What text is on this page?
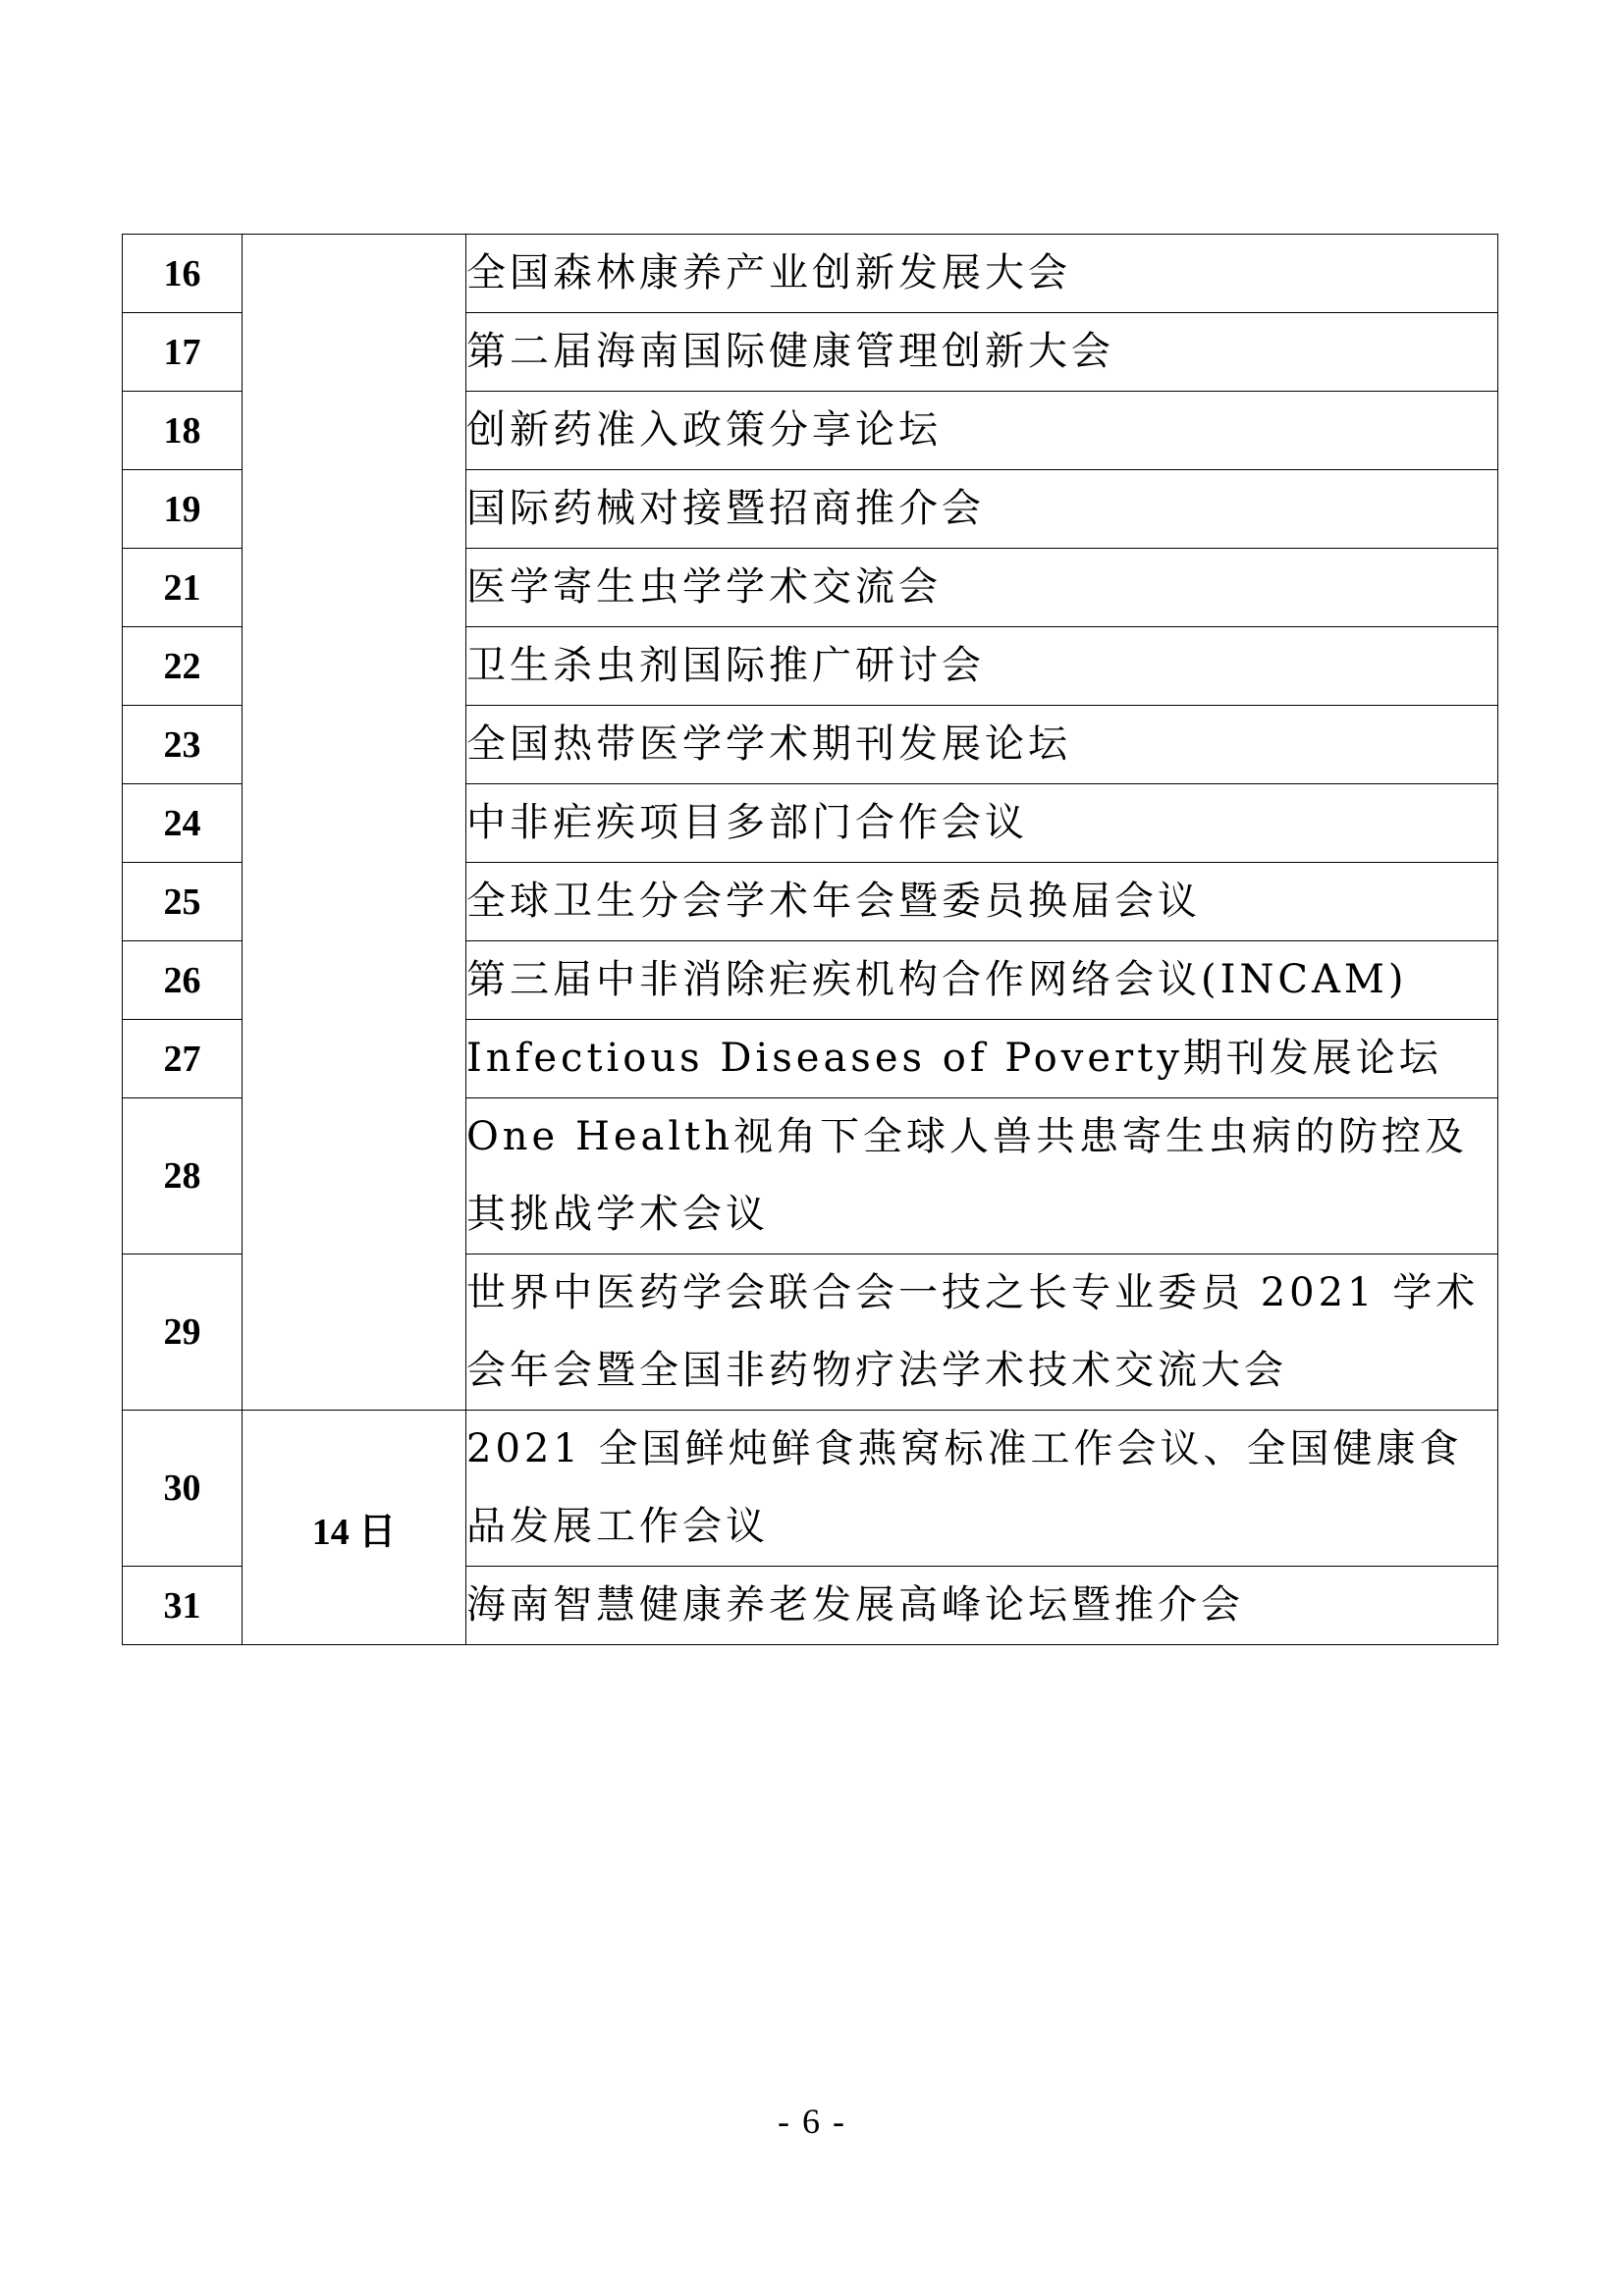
16		全国森林康养产业创新发展大会
17		第二届海南国际健康管理创新大会
18		创新药准入政策分享论坛
19		国际药械对接暨招商推介会
21		医学寄生虫学学术交流会
22		卫生杀虫剂国际推广研讨会
23		全国热带医学学术期刊发展论坛
24		中非疟疾项目多部门合作会议
25		全球卫生分会学术年会暨委员换届会议
26		第三届中非消除疟疾机构合作网络会议(INCAM)
27		Infectious Diseases of Poverty期刊发展论坛
28		One Health视角下全球人兽共患寄生虫病的防控及其挑战学术会议
29		世界中医药学会联合会一技之长专业委员 2021 学术会年会暨全国非药物疗法学术技术交流大会
30	14 日	2021 全国鲜炖鲜食燕窝标准工作会议、全国健康食品发展工作会议
31		海南智慧健康养老发展高峰论坛暨推介会
- 6 -
